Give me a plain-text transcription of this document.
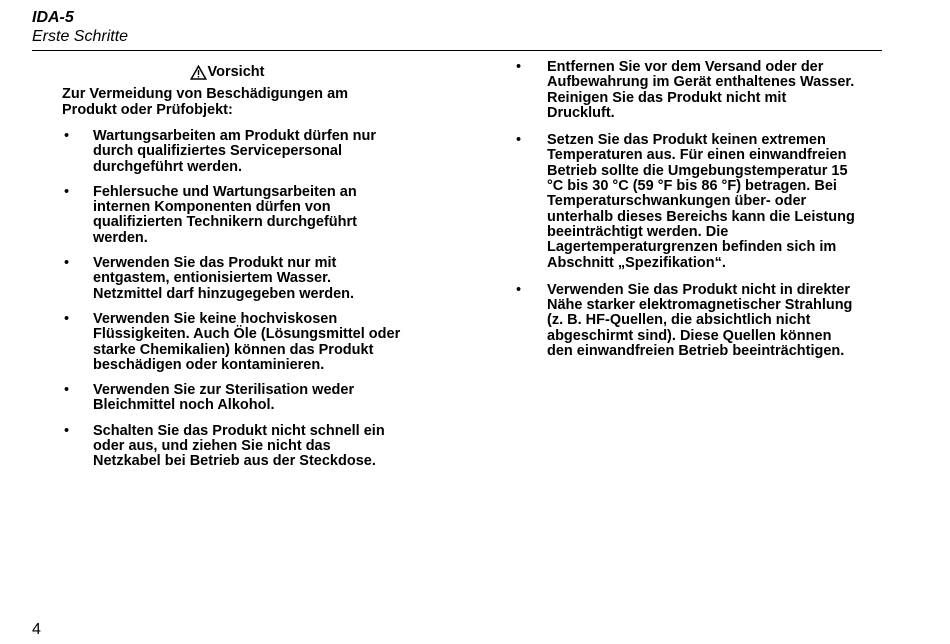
IDA-5
Erste Schritte
Vorsicht
Zur Vermeidung von Beschädigungen am Produkt oder Prüfobjekt:
• Wartungsarbeiten am Produkt dürfen nur durch qualifiziertes Servicepersonal durchgeführt werden.
• Fehlersuche und Wartungsarbeiten an internen Komponenten dürfen von qualifizierten Technikern durchgeführt werden.
• Verwenden Sie das Produkt nur mit entgastem, entionisiertem Wasser. Netzmittel darf hinzugegeben werden.
• Verwenden Sie keine hochviskosen Flüssigkeiten. Auch Öle (Lösungsmittel oder starke Chemikalien) können das Produkt beschädigen oder kontaminieren.
• Verwenden Sie zur Sterilisation weder Bleichmittel noch Alkohol.
• Schalten Sie das Produkt nicht schnell ein oder aus, und ziehen Sie nicht das Netzkabel bei Betrieb aus der Steckdose.
• Entfernen Sie vor dem Versand oder der Aufbewahrung im Gerät enthaltenes Wasser. Reinigen Sie das Produkt nicht mit Druckluft.
• Setzen Sie das Produkt keinen extremen Temperaturen aus. Für einen einwandfreien Betrieb sollte die Umgebungstemperatur 15 °C bis 30 °C (59 °F bis 86 °F) betragen. Bei Temperaturschwankungen über- oder unterhalb dieses Bereichs kann die Leistung beeinträchtigt werden. Die Lagertemperaturgrenzen befinden sich im Abschnitt „Spezifikation“.
• Verwenden Sie das Produkt nicht in direkter Nähe starker elektromagnetischer Strahlung (z. B. HF-Quellen, die absichtlich nicht abgeschirmt sind). Diese Quellen können den einwandfreien Betrieb beeinträchtigen.
4
